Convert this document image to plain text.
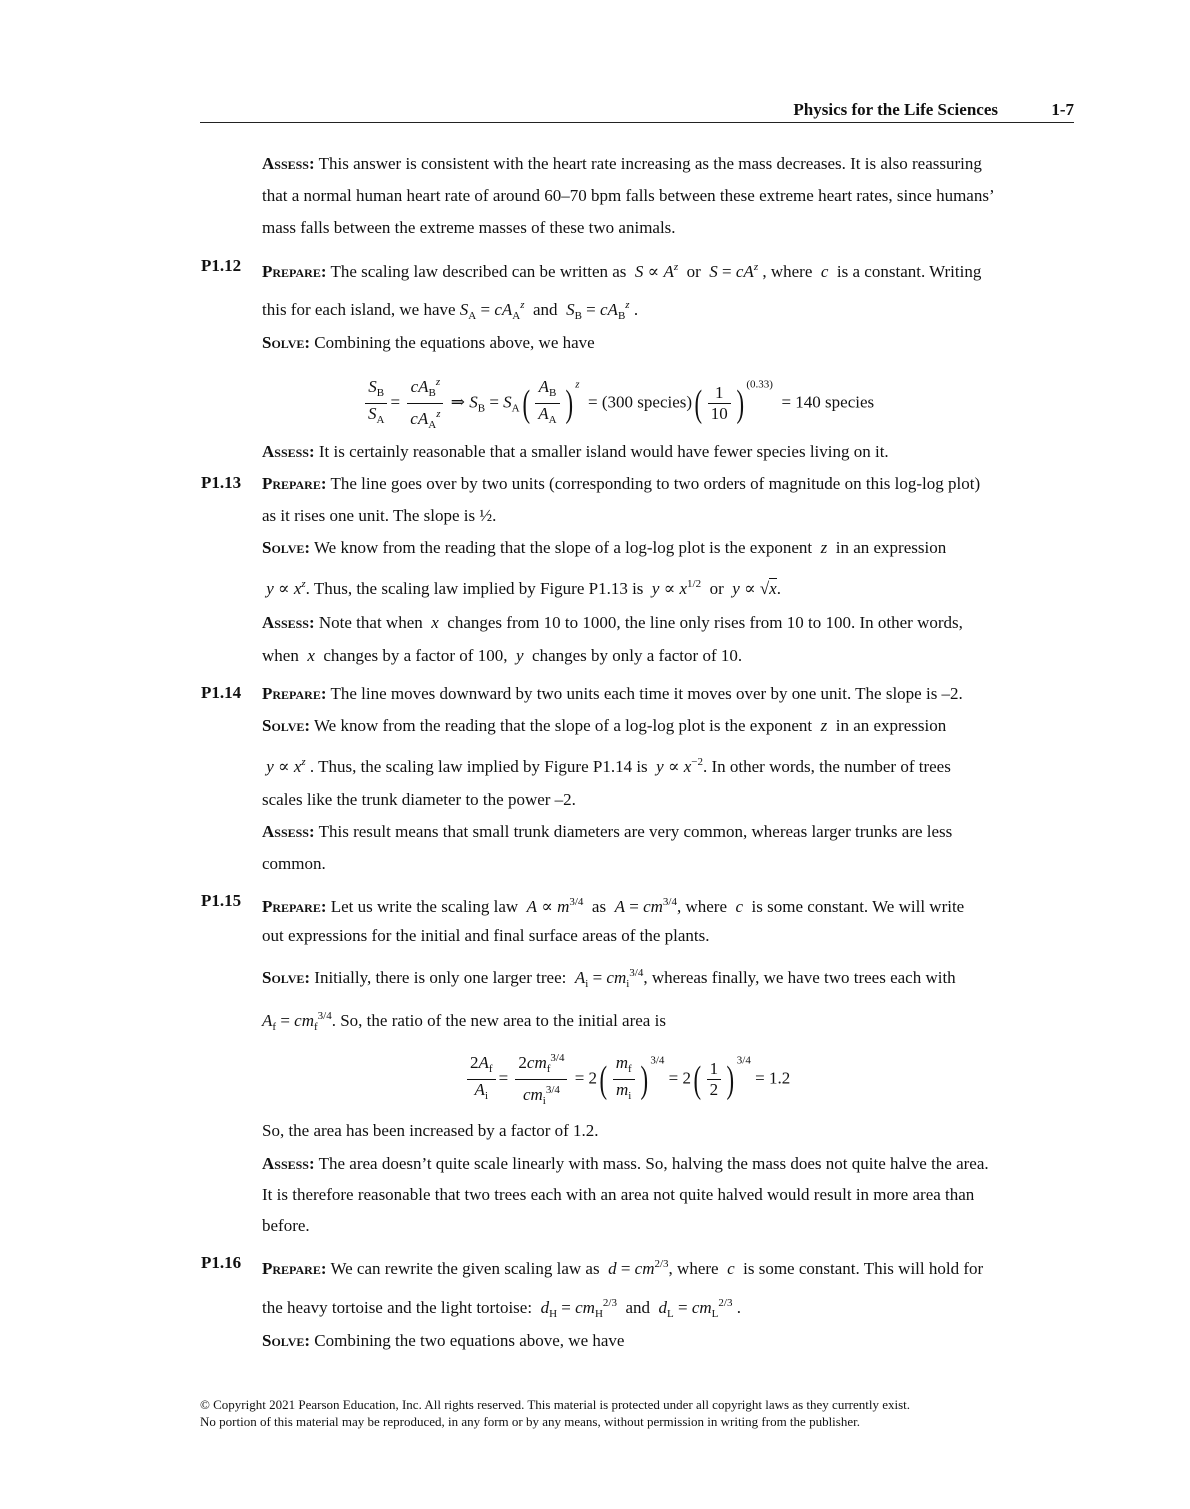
Physics for the Life Sciences	1-7
Assess: This answer is consistent with the heart rate increasing as the mass decreases. It is also reassuring
that a normal human heart rate of around 60–70 bpm falls between these extreme heart rates, since humans’
mass falls between the extreme masses of these two animals.
P1.12 Prepare: The scaling law described can be written as $S \propto A^z$ or $S = cA^z$ , where c is a constant. Writing
this for each island, we have $S_A = cA_A^z$ and $S_B = cA_B^z$ .
Solve: Combining the equations above, we have
$\frac{S_B}{S_A} = \frac{cA_B^z}{cA_A^z}$ ⇒ $S_B = S_A( \frac{A_B}{A_A}$ ) $^z$  = (300 species)( $\frac{1}{10}$ ) $^{(0.33)}$  = 140 species
Assess: It is certainly reasonable that a smaller island would have fewer species living on it.
P1.13 Prepare: The line goes over by two units (corresponding to two orders of magnitude on this log-log plot)
as it rises one unit. The slope is ½.
Solve: We know from the reading that the slope of a log-log plot is the exponent z in an expression
$y \propto x^z$. Thus, the scaling law implied by Figure P1.13 is $y \propto x^{1/2}$ or y ∝ √x.
Assess: Note that when x changes from 10 to 1000, the line only rises from 10 to 100. In other words,
when x changes by a factor of 100, y changes by only a factor of 10.
P1.14 Prepare: The line moves downward by two units each time it moves over by one unit. The slope is –2.
Solve: We know from the reading that the slope of a log-log plot is the exponent z in an expression
$y \propto x^z$ . Thus, the scaling law implied by Figure P1.14 is $y \propto x^{-2}$. In other words, the number of trees
scales like the trunk diameter to the power –2.
Assess: This result means that small trunk diameters are very common, whereas larger trunks are less
common.
P1.15 Prepare: Let us write the scaling law $A \propto m^{3/4}$ as $A = cm^{3/4}$, where c is some constant. We will write
out expressions for the initial and final surface areas of the plants.
Solve: Initially, there is only one larger tree: $A_i = cm_i^{3/4}$, whereas finally, we have two trees each with
$A_f = cm_f^{3/4}$. So, the ratio of the new area to the initial area is
$\frac{2A_f}{A_i} = \frac{2cm_f^{3/4}}{cm_i^{3/4}} = 2( \frac{m_f}{m_i}$ ) $^{3/4} = 2( \frac{1}{2}$ ) $^{3/4}$ = 1.2
So, the area has been increased by a factor of 1.2.
Assess: The area doesn’t quite scale linearly with mass. So, halving the mass does not quite halve the area.
It is therefore reasonable that two trees each with an area not quite halved would result in more area than
before.
P1.16 Prepare: We can rewrite the given scaling law as $d = cm^{2/3}$, where c is some constant. This will hold for
the heavy tortoise and the light tortoise: $d_H = cm_H^{2/3}$ and $d_L = cm_L^{2/3}$ .
Solve: Combining the two equations above, we have
© Copyright 2021 Pearson Education, Inc. All rights reserved. This material is protected under all copyright laws as they currently exist.
No portion of this material may be reproduced, in any form or by any means, without permission in writing from the publisher.
